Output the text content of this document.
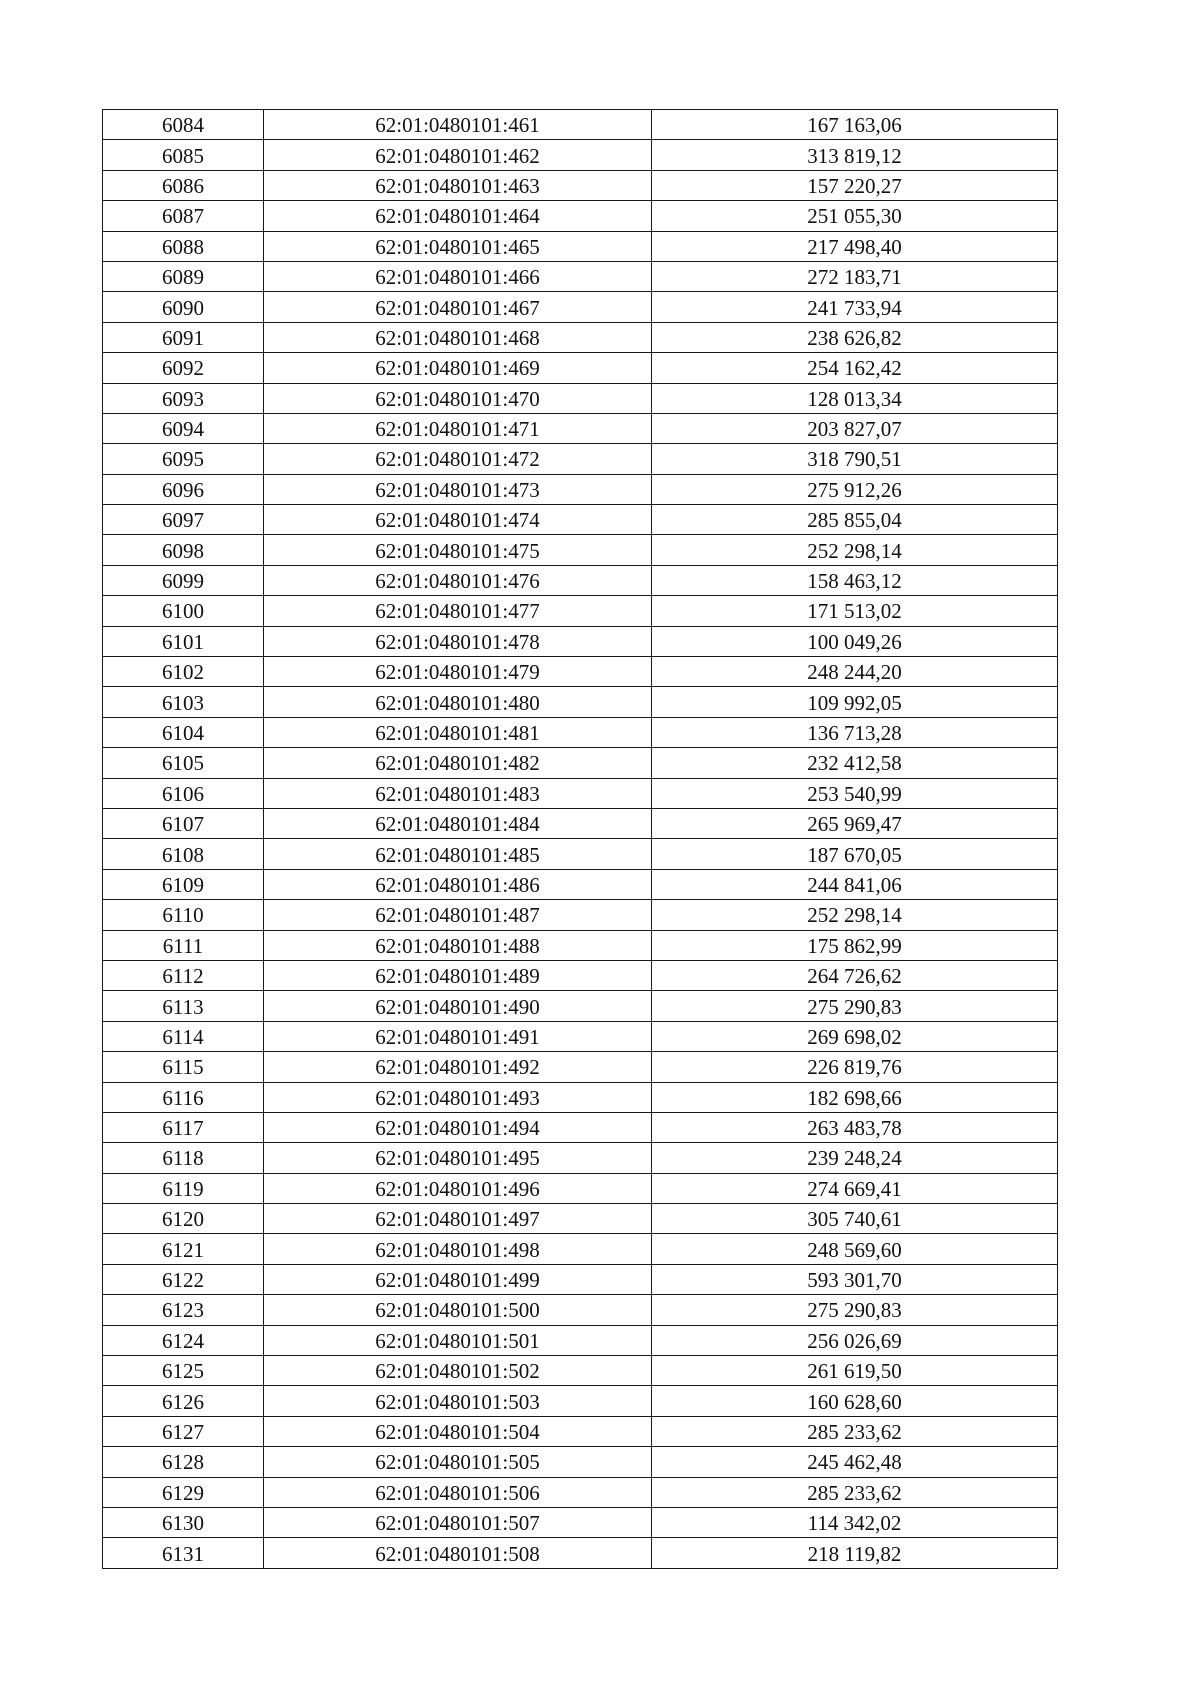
6084	62:01:0480101:461	167 163,06
6085	62:01:0480101:462	313 819,12
6086	62:01:0480101:463	157 220,27
6087	62:01:0480101:464	251 055,30
6088	62:01:0480101:465	217 498,40
6089	62:01:0480101:466	272 183,71
6090	62:01:0480101:467	241 733,94
6091	62:01:0480101:468	238 626,82
6092	62:01:0480101:469	254 162,42
6093	62:01:0480101:470	128 013,34
6094	62:01:0480101:471	203 827,07
6095	62:01:0480101:472	318 790,51
6096	62:01:0480101:473	275 912,26
6097	62:01:0480101:474	285 855,04
6098	62:01:0480101:475	252 298,14
6099	62:01:0480101:476	158 463,12
6100	62:01:0480101:477	171 513,02
6101	62:01:0480101:478	100 049,26
6102	62:01:0480101:479	248 244,20
6103	62:01:0480101:480	109 992,05
6104	62:01:0480101:481	136 713,28
6105	62:01:0480101:482	232 412,58
6106	62:01:0480101:483	253 540,99
6107	62:01:0480101:484	265 969,47
6108	62:01:0480101:485	187 670,05
6109	62:01:0480101:486	244 841,06
6110	62:01:0480101:487	252 298,14
6111	62:01:0480101:488	175 862,99
6112	62:01:0480101:489	264 726,62
6113	62:01:0480101:490	275 290,83
6114	62:01:0480101:491	269 698,02
6115	62:01:0480101:492	226 819,76
6116	62:01:0480101:493	182 698,66
6117	62:01:0480101:494	263 483,78
6118	62:01:0480101:495	239 248,24
6119	62:01:0480101:496	274 669,41
6120	62:01:0480101:497	305 740,61
6121	62:01:0480101:498	248 569,60
6122	62:01:0480101:499	593 301,70
6123	62:01:0480101:500	275 290,83
6124	62:01:0480101:501	256 026,69
6125	62:01:0480101:502	261 619,50
6126	62:01:0480101:503	160 628,60
6127	62:01:0480101:504	285 233,62
6128	62:01:0480101:505	245 462,48
6129	62:01:0480101:506	285 233,62
6130	62:01:0480101:507	114 342,02
6131	62:01:0480101:508	218 119,82
